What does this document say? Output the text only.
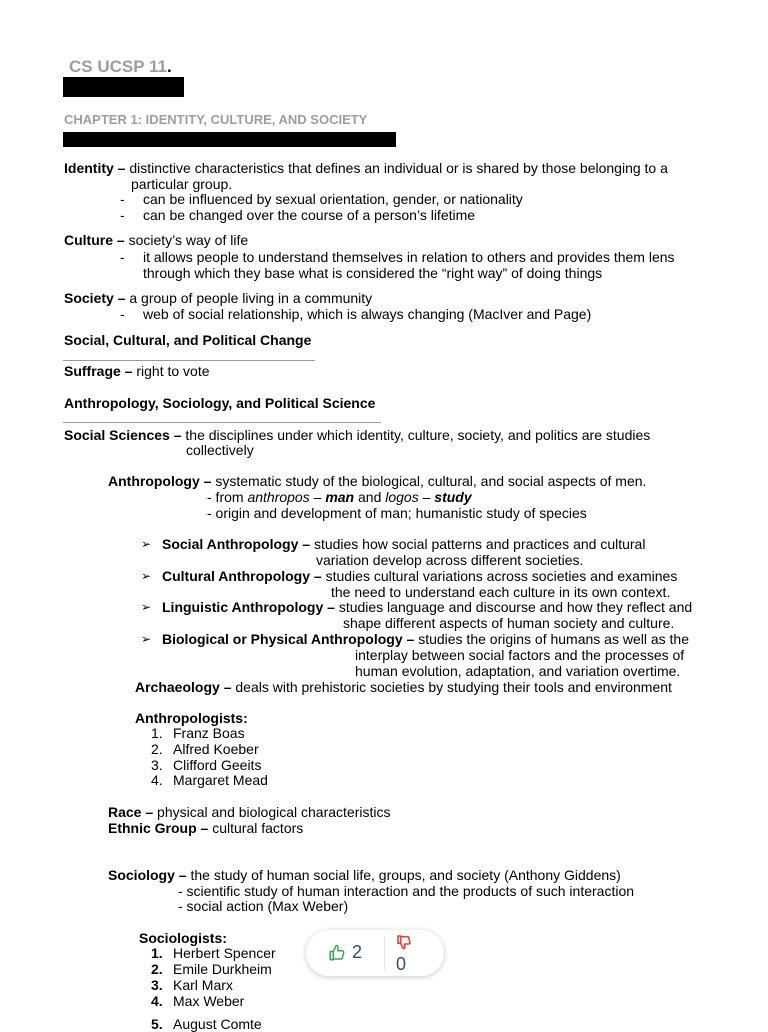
CS UCSP 11.
CHAPTER 1: IDENTITY, CULTURE, AND SOCIETY
Identity – distinctive characteristics that defines an individual or is shared by those belonging to a
particular group.
- can be influenced by sexual orientation, gender, or nationality
- can be changed over the course of a person’s lifetime
Culture – society’s way of life
- it allows people to understand themselves in relation to others and provides them lens
through which they base what is considered the “right way” of doing things
Society – a group of people living in a community
- web of social relationship, which is always changing (MacIver and Page)
Social, Cultural, and Political Change
Suffrage – right to vote
Anthropology, Sociology, and Political Science
Social Sciences – the disciplines under which identity, culture, society, and politics are studies
collectively
Anthropology – systematic study of the biological, cultural, and social aspects of men.
- from anthropos – man and logos – study
- origin and development of man; humanistic study of species
➢ Social Anthropology – studies how social patterns and practices and cultural
variation develop across different societies.
➢ Cultural Anthropology – studies cultural variations across societies and examines
the need to understand each culture in its own context.
➢ Linguistic Anthropology – studies language and discourse and how they reflect and
shape different aspects of human society and culture.
➢ Biological or Physical Anthropology – studies the origins of humans as well as the
interplay between social factors and the processes of
human evolution, adaptation, and variation overtime.
Archaeology – deals with prehistoric societies by studying their tools and environment
Anthropologists:
1. Franz Boas
2. Alfred Koeber
3. Clifford Geeits
4. Margaret Mead
Race – physical and biological characteristics
Ethnic Group – cultural factors
Sociology – the study of human social life, groups, and society (Anthony Giddens)
- scientific study of human interaction and the products of such interaction
- social action (Max Weber)
Sociologists:
1. Herbert Spencer
2. Emile Durkheim
3. Karl Marx
4. Max Weber
5. August Comte
2
0
